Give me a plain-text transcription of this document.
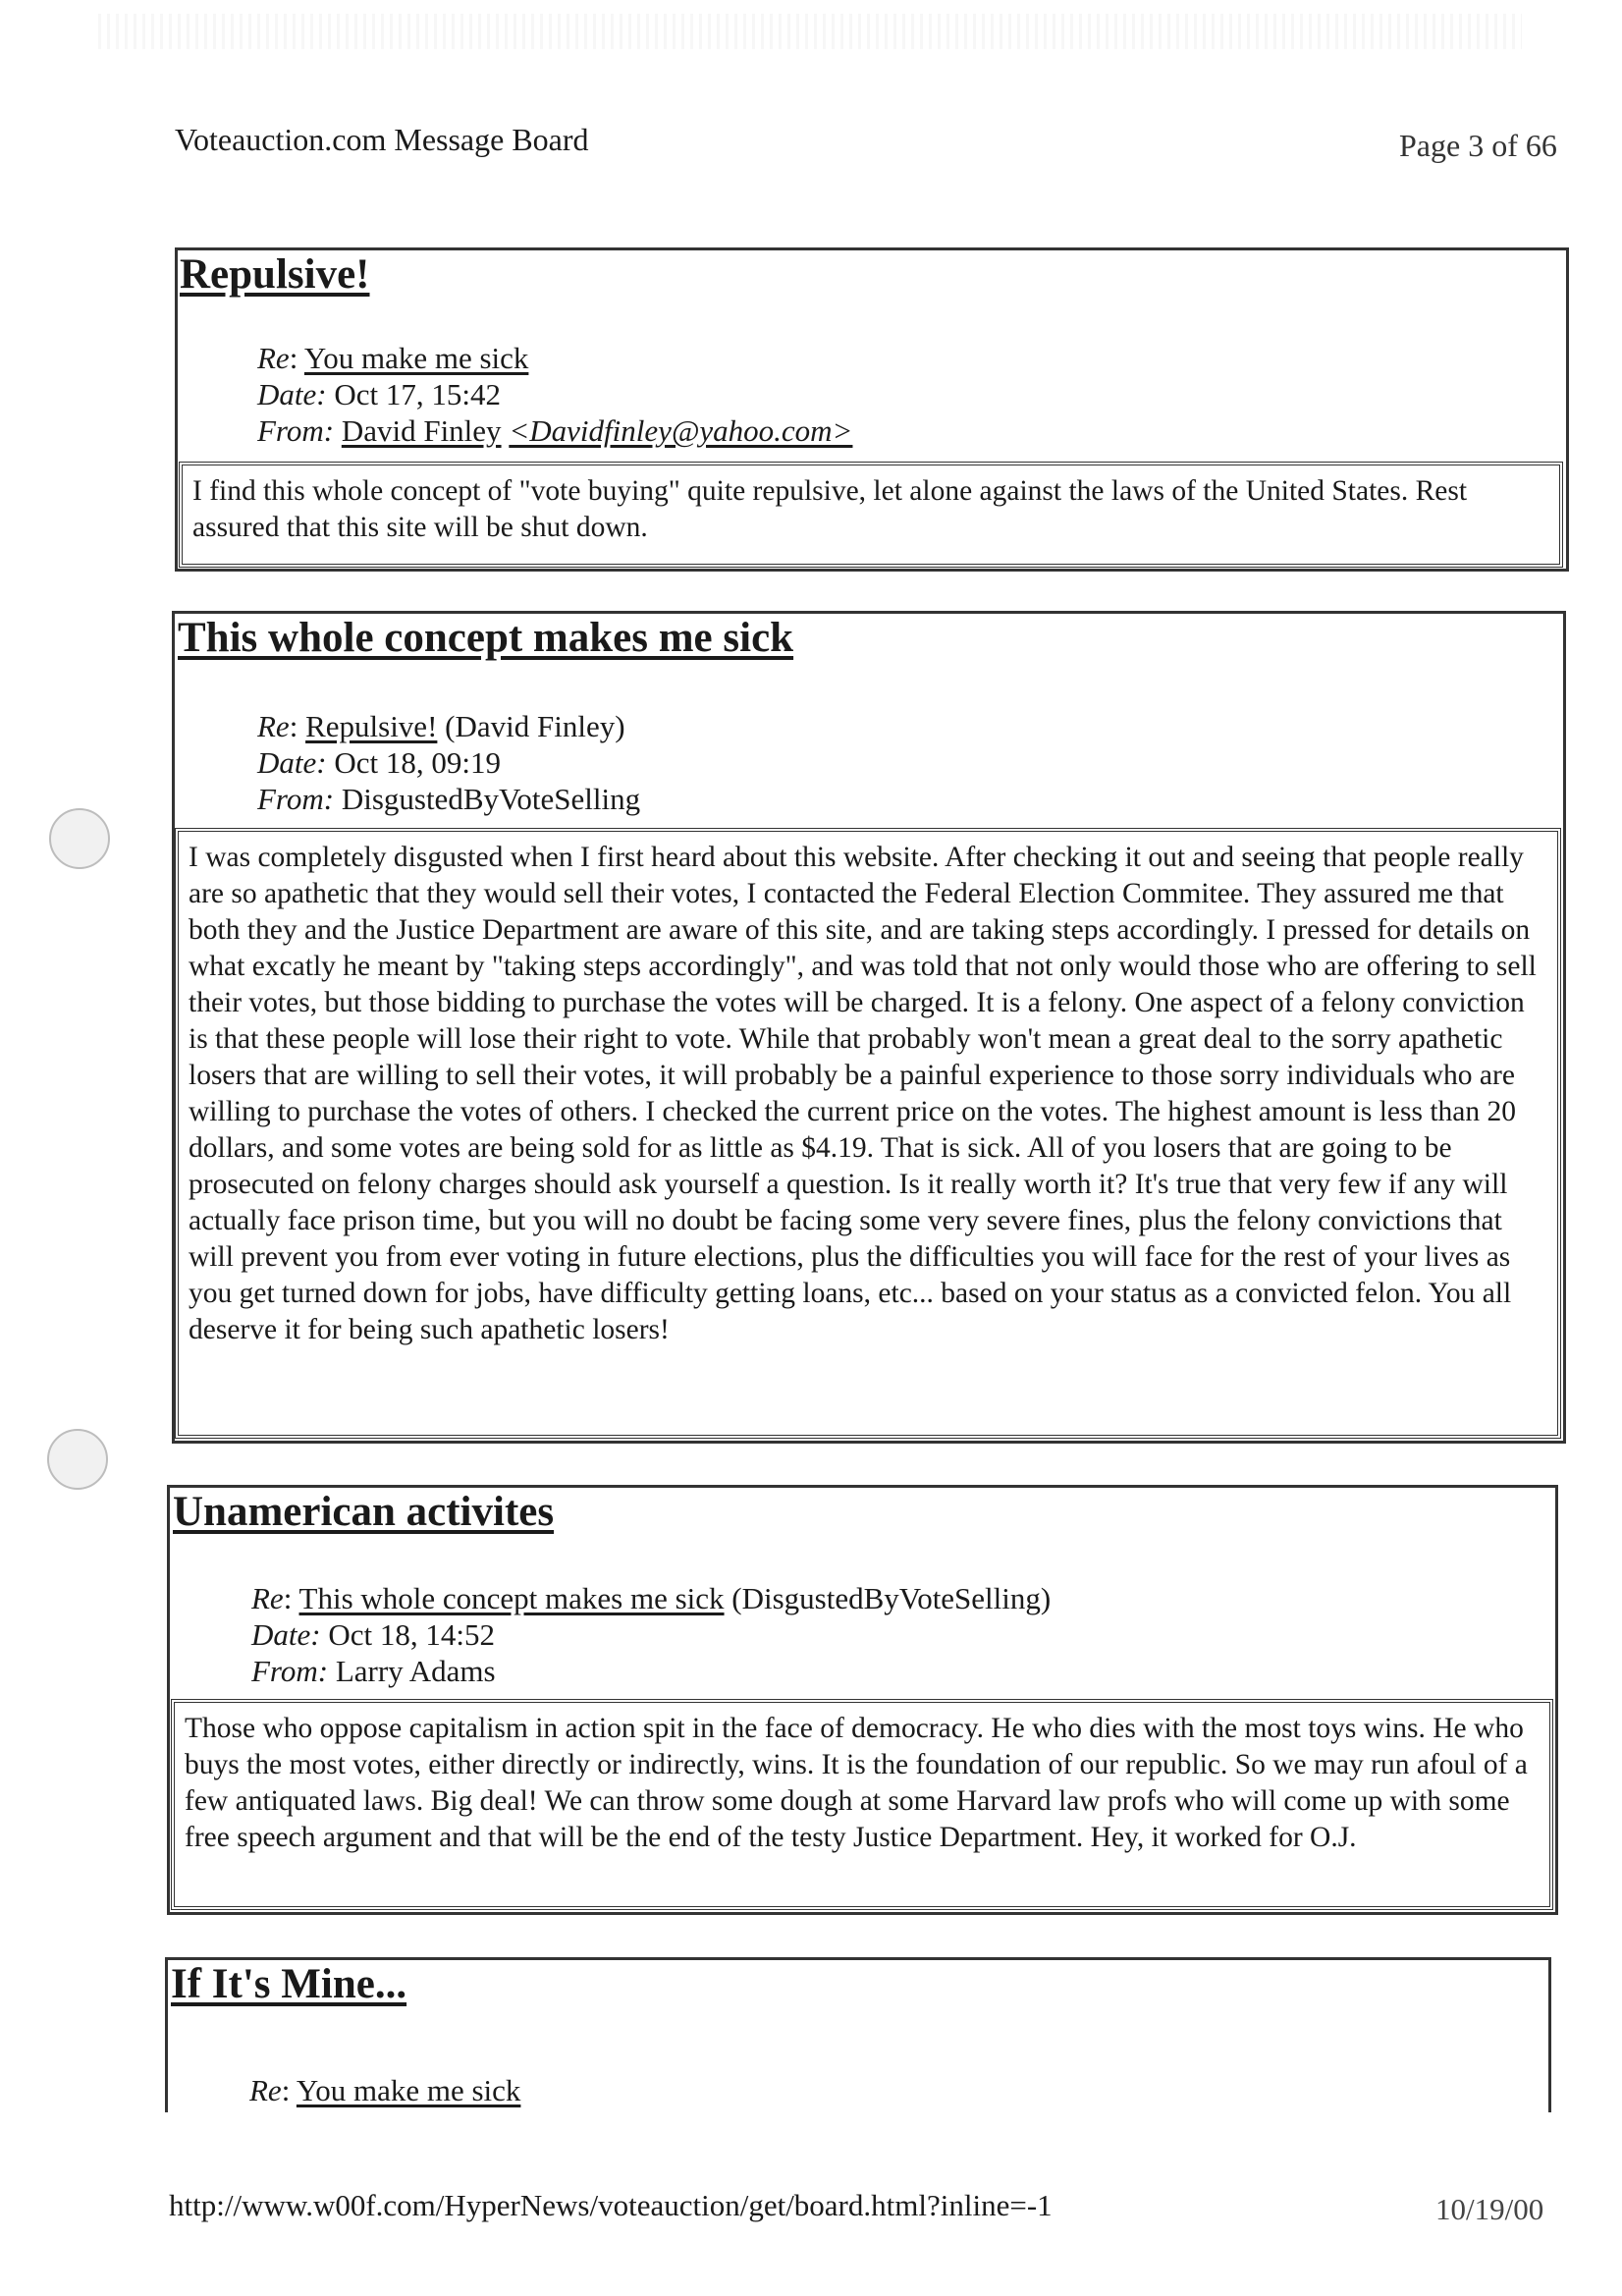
Voteauction.com Message Board	Page 3 of 66
Repulsive!
Re: You make me sick
Date: Oct 17, 15:42
From: David Finley <Davidfinley@yahoo.com>

I find this whole concept of "vote buying" quite repulsive, let alone against the laws of the United States. Rest assured that this site will be shut down.

This whole concept makes me sick
Re: Repulsive! (David Finley)
Date: Oct 18, 09:19
From: DisgustedByVoteSelling

I was completely disgusted when I first heard about this website. After checking it out and seeing that people really are so apathetic that they would sell their votes, I contacted the Federal Election Commitee. They assured me that both they and the Justice Department are aware of this site, and are taking steps accordingly. I pressed for details on what excatly he meant by "taking steps accordingly", and was told that not only would those who are offering to sell their votes, but those bidding to purchase the votes will be charged. It is a felony. One aspect of a felony conviction is that these people will lose their right to vote. While that probably won't mean a great deal to the sorry apathetic losers that are willing to sell their votes, it will probably be a painful experience to those sorry individuals who are willing to purchase the votes of others. I checked the current price on the votes. The highest amount is less than 20 dollars, and some votes are being sold for as little as $4.19. That is sick. All of you losers that are going to be prosecuted on felony charges should ask yourself a question. Is it really worth it? It's true that very few if any will actually face prison time, but you will no doubt be facing some very severe fines, plus the felony convictions that will prevent you from ever voting in future elections, plus the difficulties you will face for the rest of your lives as you get turned down for jobs, have difficulty getting loans, etc... based on your status as a convicted felon. You all deserve it for being such apathetic losers!

Unamerican activites
Re: This whole concept makes me sick (DisgustedByVoteSelling)
Date: Oct 18, 14:52
From: Larry Adams

Those who oppose capitalism in action spit in the face of democracy. He who dies with the most toys wins. He who buys the most votes, either directly or indirectly, wins. It is the foundation of our republic. So we may run afoul of a few antiquated laws. Big deal! We can throw some dough at some Harvard law profs who will come up with some free speech argument and that will be the end of the testy Justice Department. Hey, it worked for O.J.

If It's Mine...
Re: You make me sick
http://www.w00f.com/HyperNews/voteauction/get/board.html?inline=-1	10/19/00
